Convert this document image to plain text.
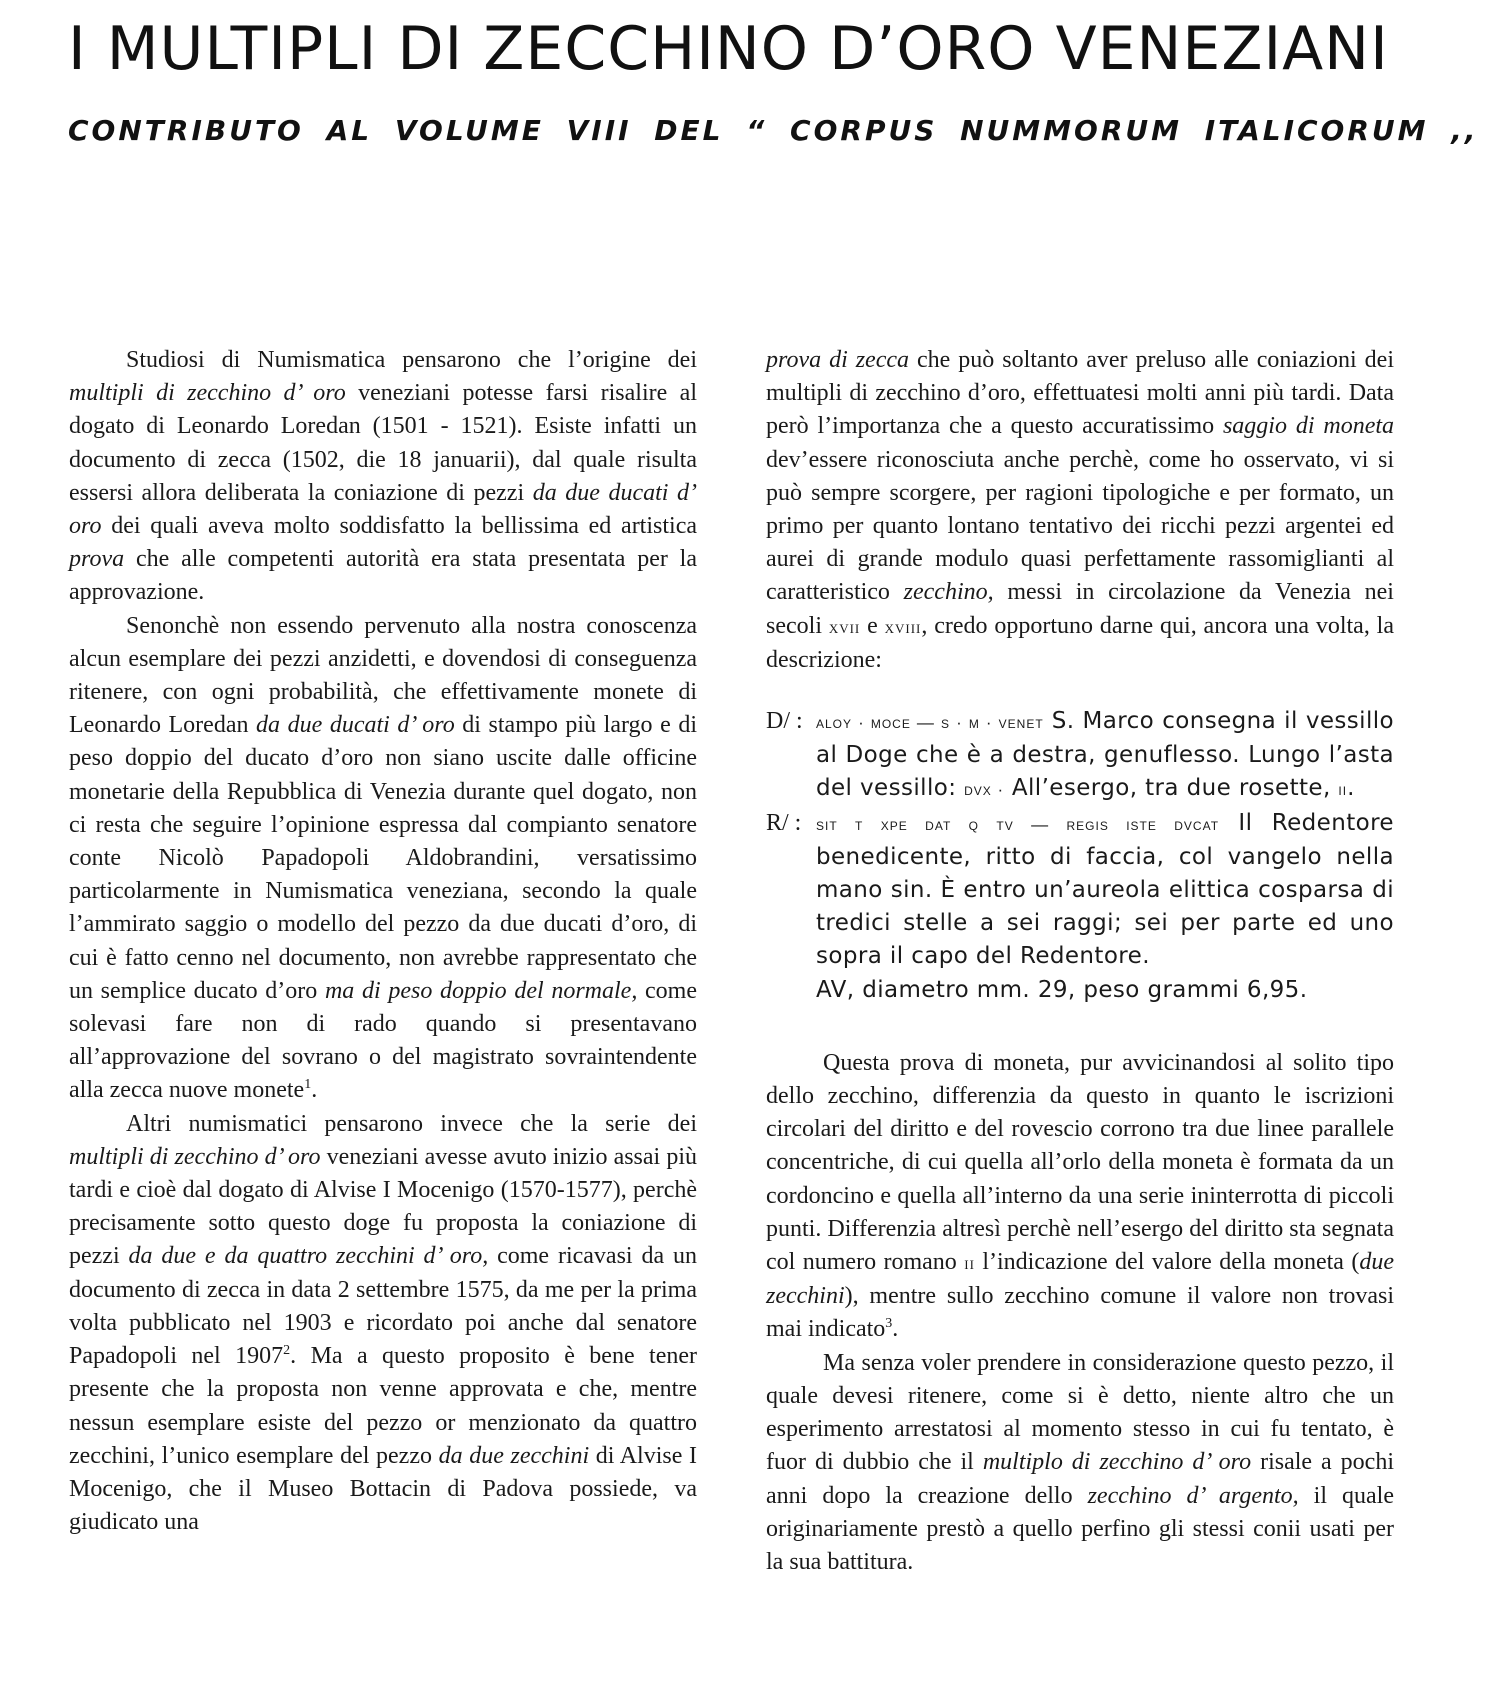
I MULTIPLI DI ZECCHINO D’ORO VENEZIANI
CONTRIBUTO AL VOLUME VIII DEL “ CORPUS NUMMORUM ITALICORUM ,,

Studiosi di Numismatica pensarono che l’origine dei multipli di zecchino d’ oro veneziani potesse farsi risalire al dogato di Leonardo Loredan (1501 - 1521). Esiste infatti un documento di zecca (1502, die 18 januarii), dal quale risulta essersi allora deliberata la coniazione di pezzi da due ducati d’ oro dei quali aveva molto soddisfatto la bellissima ed artistica prova che alle competenti autorità era stata presentata per la approvazione.

Senonchè non essendo pervenuto alla nostra conoscenza alcun esemplare dei pezzi anzidetti, e dovendosi di conseguenza ritenere, con ogni probabilità, che effettivamente monete di Leonardo Loredan da due ducati d’ oro di stampo più largo e di peso doppio del ducato d’oro non siano uscite dalle officine monetarie della Repubblica di Venezia durante quel dogato, non ci resta che seguire l’opinione espressa dal compianto senatore conte Nicolò Papadopoli Aldobrandini, versatissimo particolarmente in Numismatica veneziana, secondo la quale l’ammirato saggio o modello del pezzo da due ducati d’oro, di cui è fatto cenno nel documento, non avrebbe rappresentato che un semplice ducato d’oro ma di peso doppio del normale, come solevasi fare non di rado quando si presentavano all’approvazione del sovrano o del magistrato sovraintendente alla zecca nuove monete$^1$.

Altri numismatici pensarono invece che la serie dei multipli di zecchino d’ oro veneziani avesse avuto inizio assai più tardi e cioè dal dogato di Alvise I Mocenigo (1570-1577), perchè precisamente sotto questo doge fu proposta la coniazione di pezzi da due e da quattro zecchini d’ oro, come ricavasi da un documento di zecca in data 2 settembre 1575, da me per la prima volta pubblicato nel 1903 e ricordato poi anche dal senatore Papadopoli nel 1907$^2$. Ma a questo proposito è bene tener presente che la proposta non venne approvata e che, mentre nessun esemplare esiste del pezzo or menzionato da quattro zecchini, l’unico esemplare del pezzo da due zecchini di Alvise I Mocenigo, che il Museo Bottacin di Padova possiede, va giudicato una

prova di zecca che può soltanto aver preluso alle coniazioni dei multipli di zecchino d’oro, effettuatesi molti anni più tardi. Data però l’importanza che a questo accuratissimo saggio di moneta dev’essere riconosciuta anche perchè, come ho osservato, vi si può sempre scorgere, per ragioni tipologiche e per formato, un primo per quanto lontano tentativo dei ricchi pezzi argentei ed aurei di grande modulo quasi perfettamente rassomiglianti al caratteristico zecchino, messi in circolazione da Venezia nei secoli xvii e xviii, credo opportuno darne qui, ancora una volta, la descrizione:

D/ : aloy · moce — s · m · venet S. Marco consegna il vessillo al Doge che è a destra, genuflesso. Lungo l’asta del vessillo: dvx · All’esergo, tra due rosette, ii.
R/ : sit t xpe dat q tv — regis iste dvcat Il Redentore benedicente, ritto di faccia, col vangelo nella mano sin. È entro un’aureola elittica cosparsa di tredici stelle a sei raggi; sei per parte ed uno sopra il capo del Redentore.
AV, diametro mm. 29, peso grammi 6,95.

Questa prova di moneta, pur avvicinandosi al solito tipo dello zecchino, differenzia da questo in quanto le iscrizioni circolari del diritto e del rovescio corrono tra due linee parallele concentriche, di cui quella all’orlo della moneta è formata da un cordoncino e quella all’interno da una serie ininterrotta di piccoli punti. Differenzia altresì perchè nell’esergo del diritto sta segnata col numero romano ii l’indicazione del valore della moneta (due zecchini), mentre sullo zecchino comune il valore non trovasi mai indicato$^3$.

Ma senza voler prendere in considerazione questo pezzo, il quale devesi ritenere, come si è detto, niente altro che un esperimento arrestatosi al momento stesso in cui fu tentato, è fuor di dubbio che il multiplo di zecchino d’ oro risale a pochi anni dopo la creazione dello zecchino d’ argento, il quale originariamente prestò a quello perfino gli stessi conii usati per la sua battitura.
